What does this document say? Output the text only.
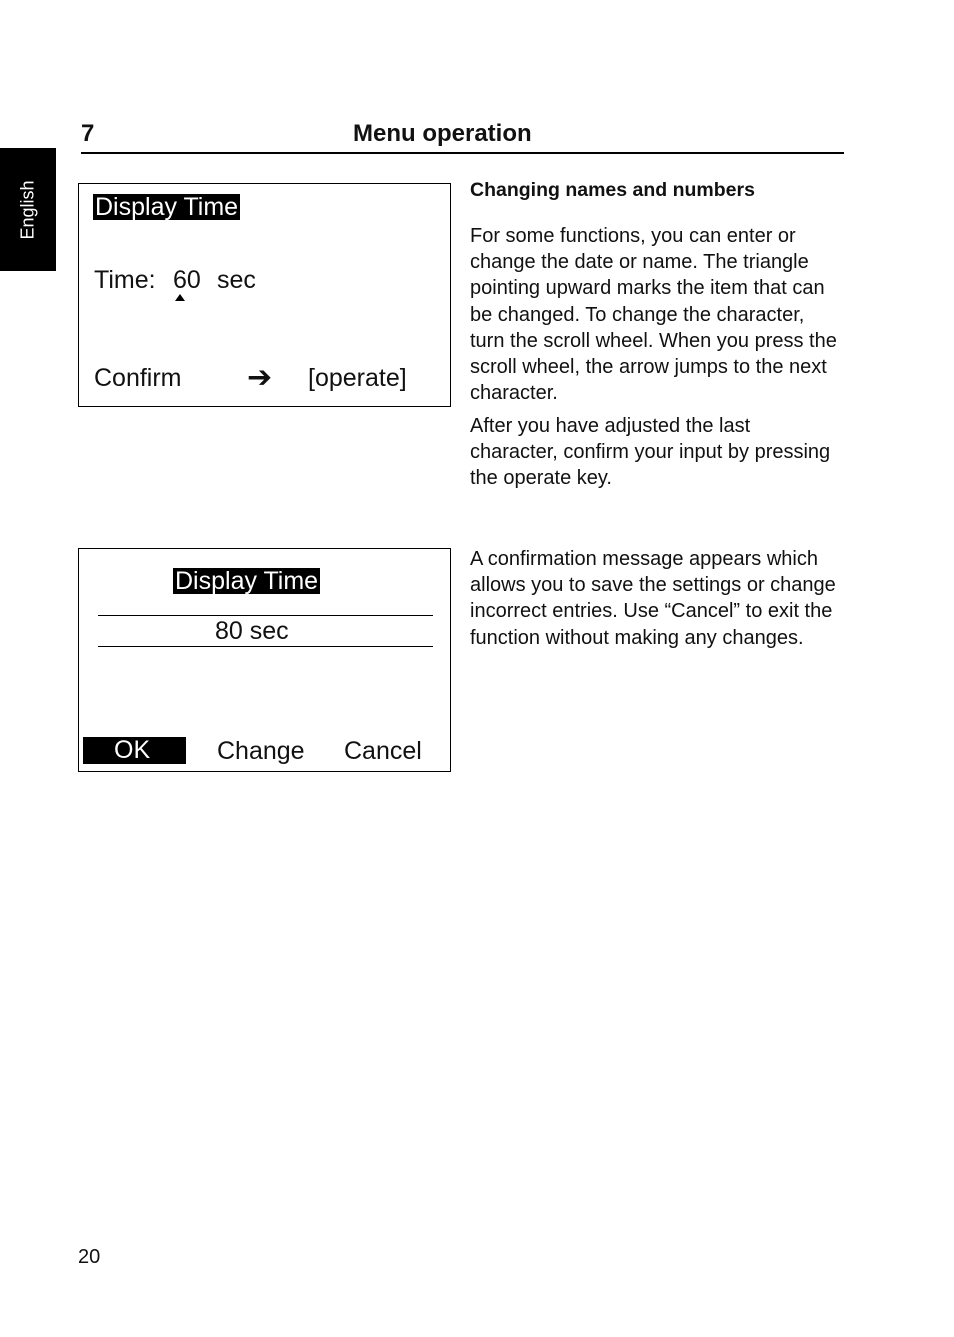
English
7	Menu operation
Display Time
Time: 60 sec
Confirm ➔ [operate]
Display Time
80 sec
OK	Change Cancel
Changing names and numbers
For some functions, you can enter or change the date or name. The triangle pointing upward marks the item that can be changed. To change the character, turn the scroll wheel. When you press the scroll wheel, the arrow jumps to the next character.
After you have adjusted the last character, confirm your input by pressing the operate key.
A confirmation message appears which allows you to save the settings or change incorrect entries. Use “Cancel” to exit the function without making any changes.
20
